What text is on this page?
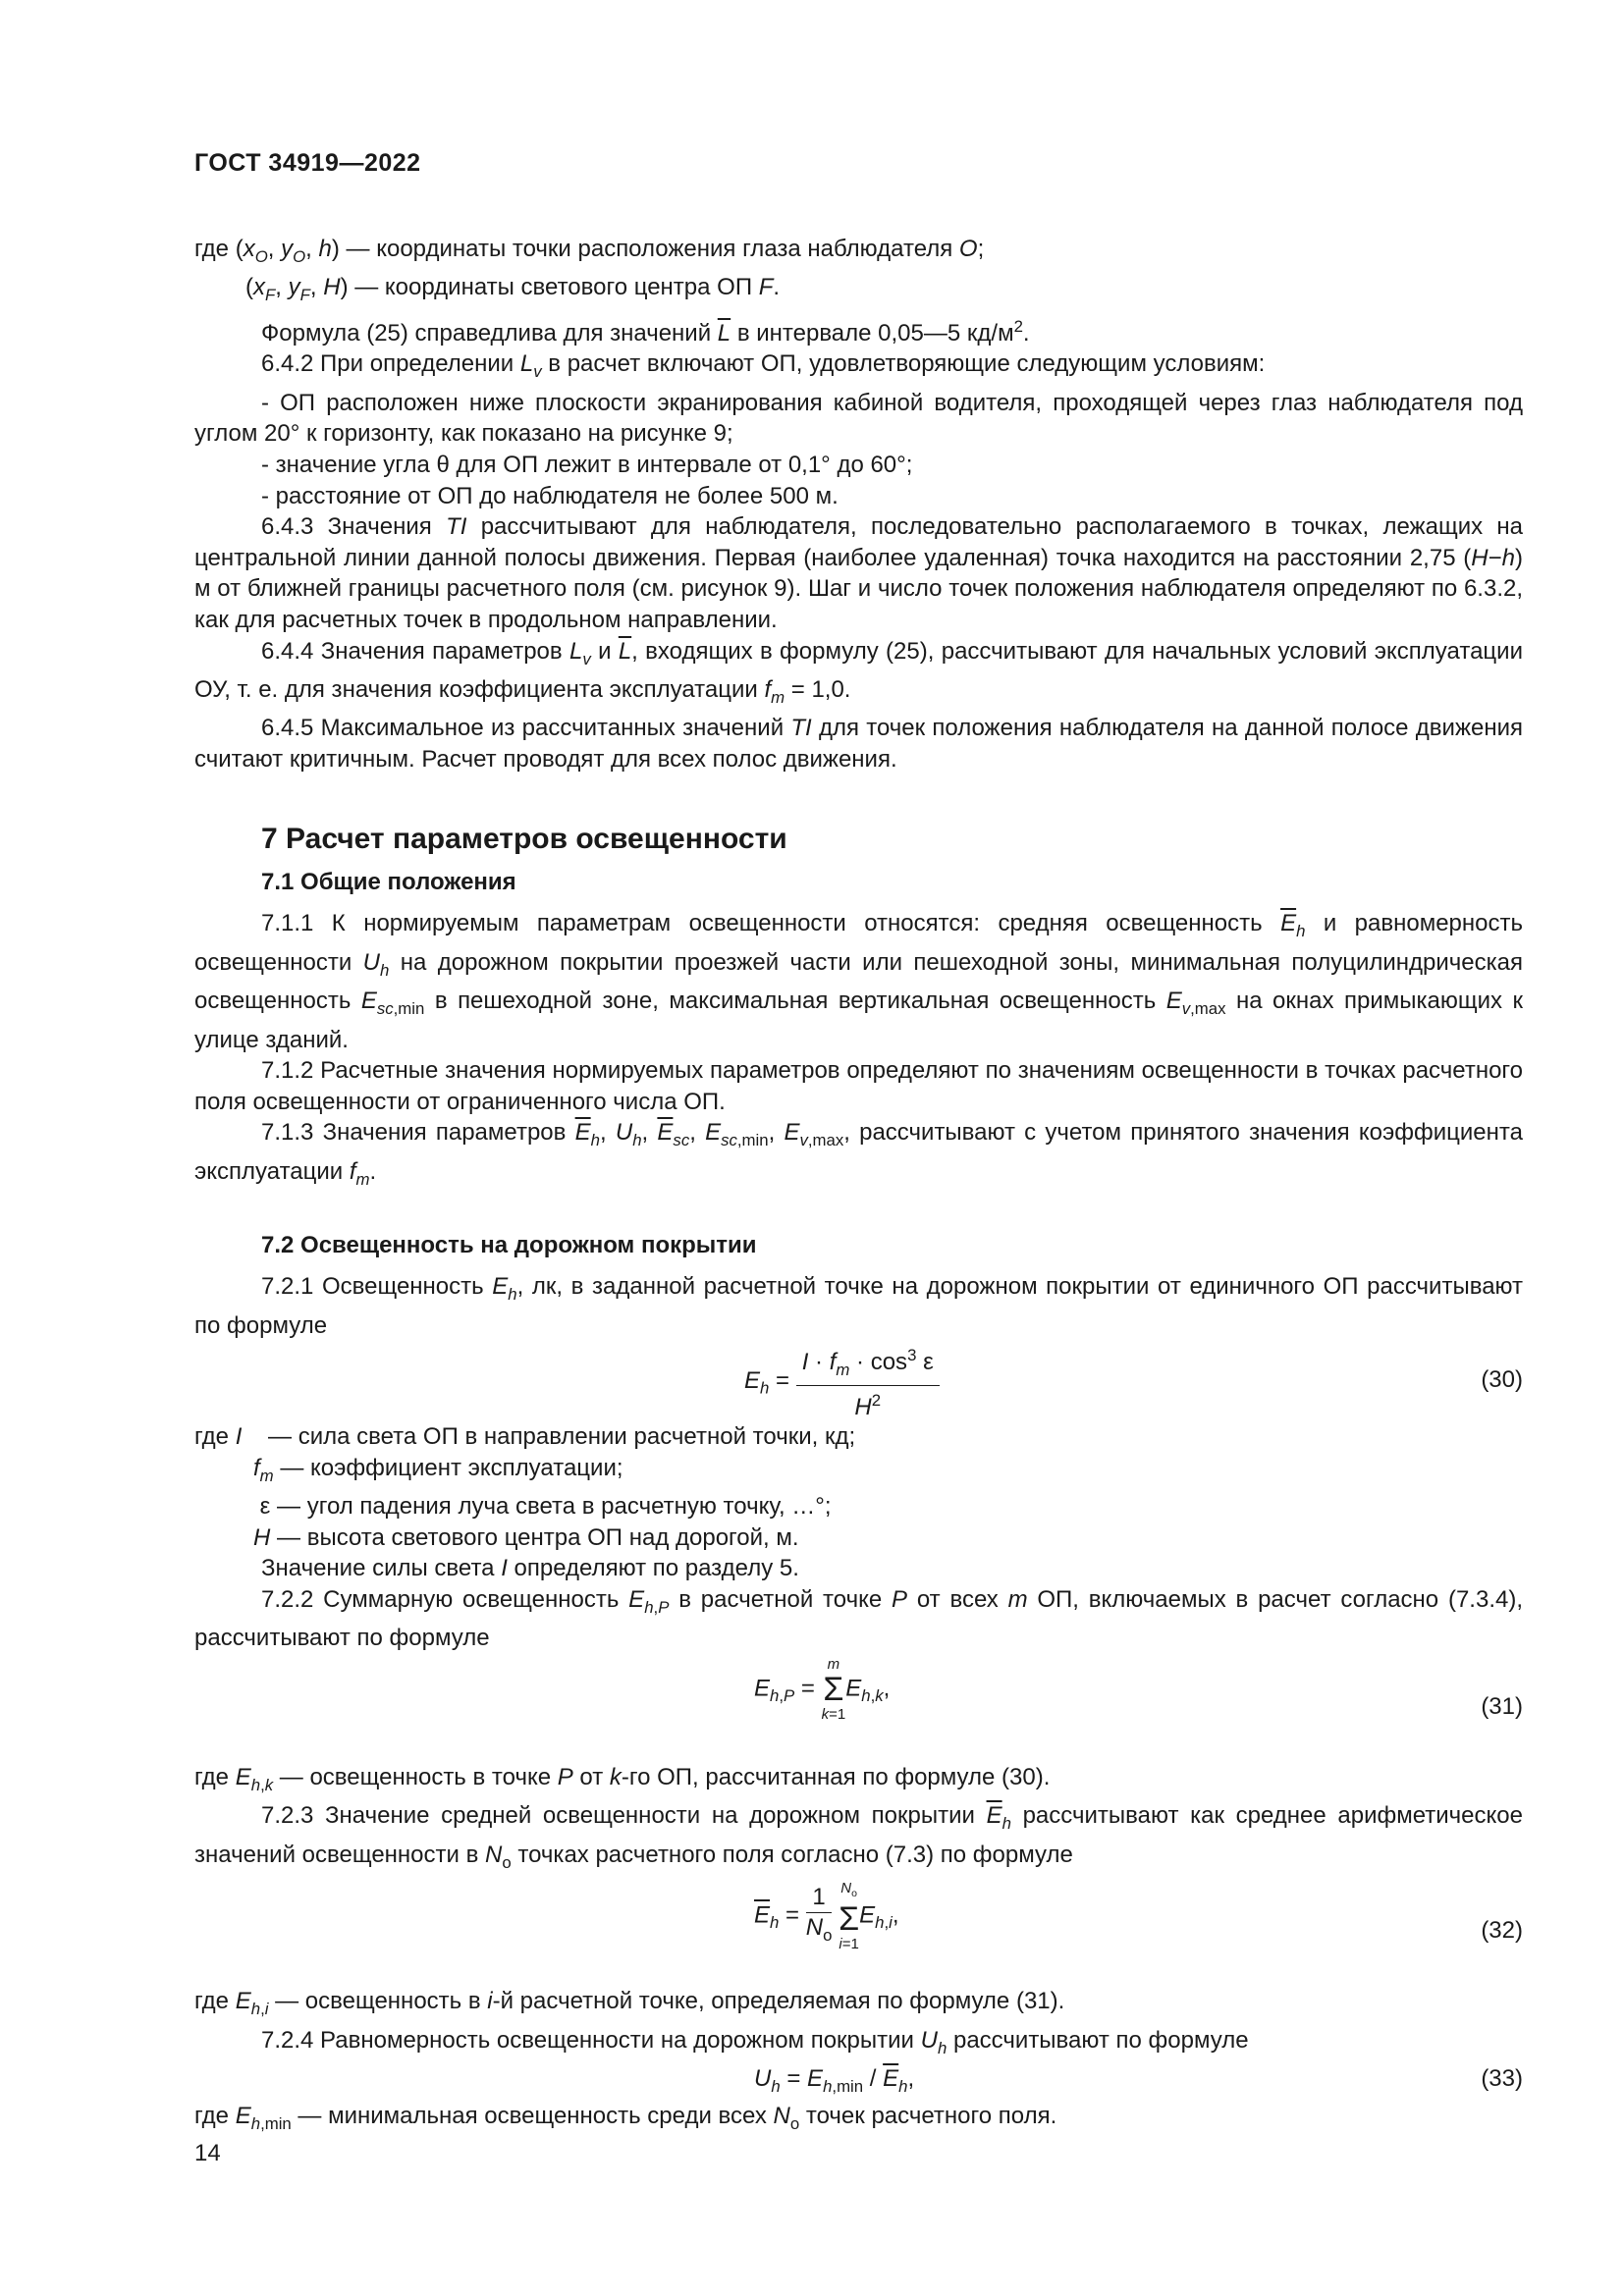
ГОСТ 34919—2022

где ($x_O$, $y_O$, h) — координаты точки расположения глаза наблюдателя O;

($x_F$, $y_F$, H) — координаты светового центра ОП F.

Формула (25) справедлива для значений $\overline{L}$ в интервале 0,05—5 $кд/м^2$.

6.4.2 При определении $L_v$ в расчет включают ОП, удовлетворяющие следующим условиям:

- ОП расположен ниже плоскости экранирования кабиной водителя, проходящей через глаз наблюдателя под углом 20° к горизонту, как показано на рисунке 9;

- значение угла θ для ОП лежит в интервале от 0,1° до 60°;

- расстояние от ОП до наблюдателя не более 500 м.

6.4.3 Значения TI рассчитывают для наблюдателя, последовательно располагаемого в точках, лежащих на центральной линии данной полосы движения. Первая (наиболее удаленная) точка находится на расстоянии 2,75 (H−h) м от ближней границы расчетного поля (см. рисунок 9). Шаг и число точек положения наблюдателя определяют по 6.3.2, как для расчетных точек в продольном направлении.

6.4.4 Значения параметров $L_v$ и $\overline{L}$, входящих в формулу (25), рассчитывают для начальных условий эксплуатации ОУ, т. е. для значения коэффициента эксплуатации $f_m = 1,0$.

6.4.5 Максимальное из рассчитанных значений TI для точек положения наблюдателя на данной полосе движения считают критичным. Расчет проводят для всех полос движения.

7 Расчет параметров освещенности
7.1 Общие положения

7.1.1 К нормируемым параметрам освещенности относятся: средняя освещенность $\overline{E}_h$ и равномерность освещенности $U_h$ на дорожном покрытии проезжей части или пешеходной зоны, минимальная полуцилиндрическая освещенность $E_{sc,min}$ в пешеходной зоне, максимальная вертикальная освещенность $E_{v,max}$ на окнах примыкающих к улице зданий.

7.1.2 Расчетные значения нормируемых параметров определяют по значениям освещенности в точках расчетного поля освещенности от ограниченного числа ОП.

7.1.3 Значения параметров $\overline{E}_h$, $U_h$, $\overline{E}_{sc}$, $E_{sc,min}$, $E_{v,max}$, рассчитывают с учетом принятого значения коэффициента эксплуатации $f_m$.

7.2 Освещенность на дорожном покрытии

7.2.1 Освещенность $E_h$, лк, в заданной расчетной точке на дорожном покрытии от единичного ОП рассчитывают по формуле

$E_h = \frac{I \cdot f_m \cdot \cos^3 \varepsilon}{H^2}$	(30)

где I    — сила света ОП в направлении расчетной точки, кд;

$f_m$ — коэффициент эксплуатации;

ε — угол падения луча света в расчетную точку, …°;

H — высота светового центра ОП над дорогой, м.

Значение силы света I определяют по разделу 5.

7.2.2 Суммарную освещенность $E_{h,P}$ в расчетной точке P от всех m ОП, включаемых в расчет согласно (7.3.4), рассчитывают по формуле

$E_{h,P} = m$
Σ
$k=1E_{h,k}$,
(31)

где $E_{h,k}$ — освещенность в точке P от k-го ОП, рассчитанная по формуле (30).

7.2.3 Значение средней освещенности на дорожном покрытии $\overline{E}_h$ рассчитывают как среднее арифметическое значений освещенности в $N_o$ точках расчетного поля согласно (7.3) по формуле

$\overline{E}_h = \frac{1}{N_o} N_o$
Σ
$i=1E_{h,i}$,
(32)

где $E_{h,i}$ — освещенность в i-й расчетной точке, определяемая по формуле (31).

7.2.4 Равномерность освещенности на дорожном покрытии $U_h$ рассчитывают по формуле

$U_h = E_{h,min} / \overline{E}_h$,	(33)

где $E_{h,min}$ — минимальная освещенность среди всех $N_o$ точек расчетного поля.

14
